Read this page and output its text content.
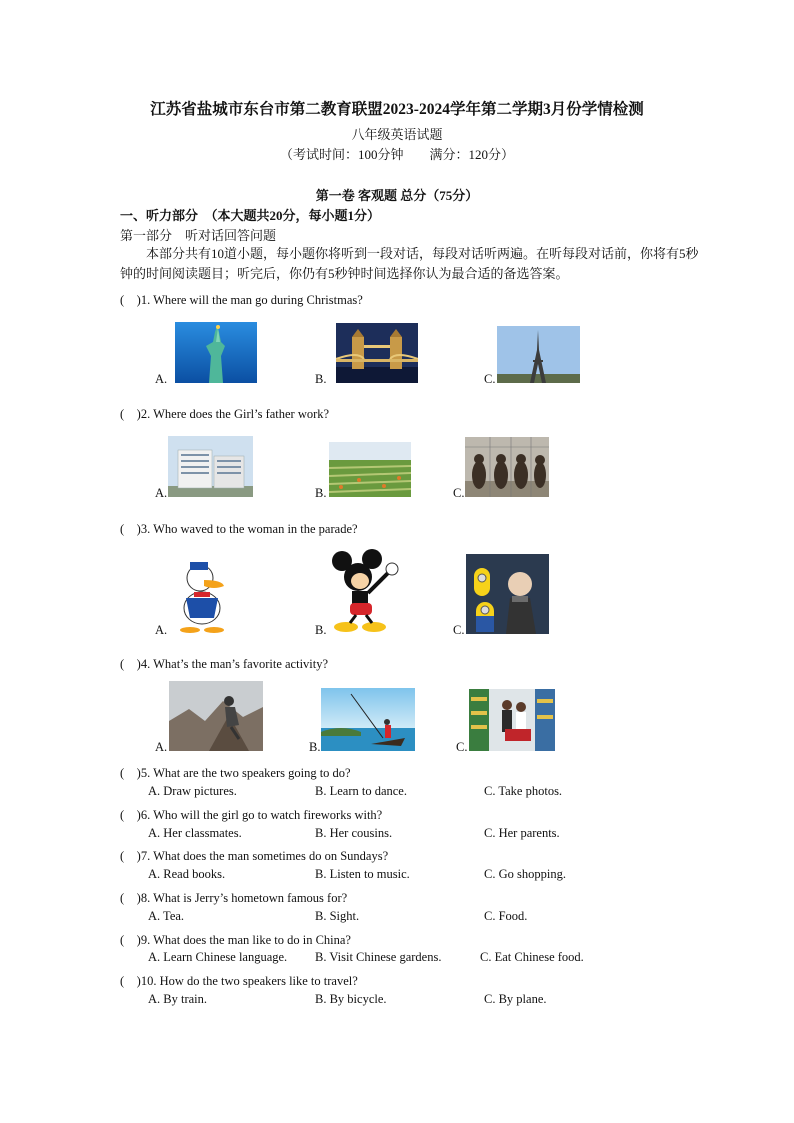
江苏省盐城市东台市第二教育联盟2023-2024学年第二学期3月份学情检测
八年级英语试题
（考试时间：100分钟　　满分：120分）
第一卷 客观题 总分（75分）
一、听力部分　（本大题共20分，每小题1分）
第一部分　听对话回答问题
本部分共有10道小题，每小题你将听到一段对话，每段对话听两遍。在听每段对话前，你将有5秒钟的时间阅读题目；听完后，你仍有5秒钟时间选择你认为最合适的备选答案。
(　)1. Where will the man go during Christmas?
A.	B.	C.
(　)2. Where does the Girl’s father work?
A.	B.	C.
(　)3. Who waved to the woman in the parade?
A.	B.	C.
(　)4. What’s the man’s favorite activity?
A.	B.	C.
(　)5. What are the two speakers going to do?
A. Draw pictures.	B. Learn to dance.	C. Take photos.
(　)6. Who will the girl go to watch fireworks with?
A. Her classmates.	B. Her cousins.	C. Her parents.
(　)7. What does the man sometimes do on Sundays?
A. Read books.	B. Listen to music.	C. Go shopping.
(　)8. What is Jerry’s hometown famous for?
A. Tea.	B. Sight.	C. Food.
(　)9. What does the man like to do in China?
A. Learn Chinese language. B. Visit Chinese gardens.	C. Eat Chinese food.
(　)10. How do the two speakers like to travel?
A. By train.	B. By bicycle.	C. By plane.
